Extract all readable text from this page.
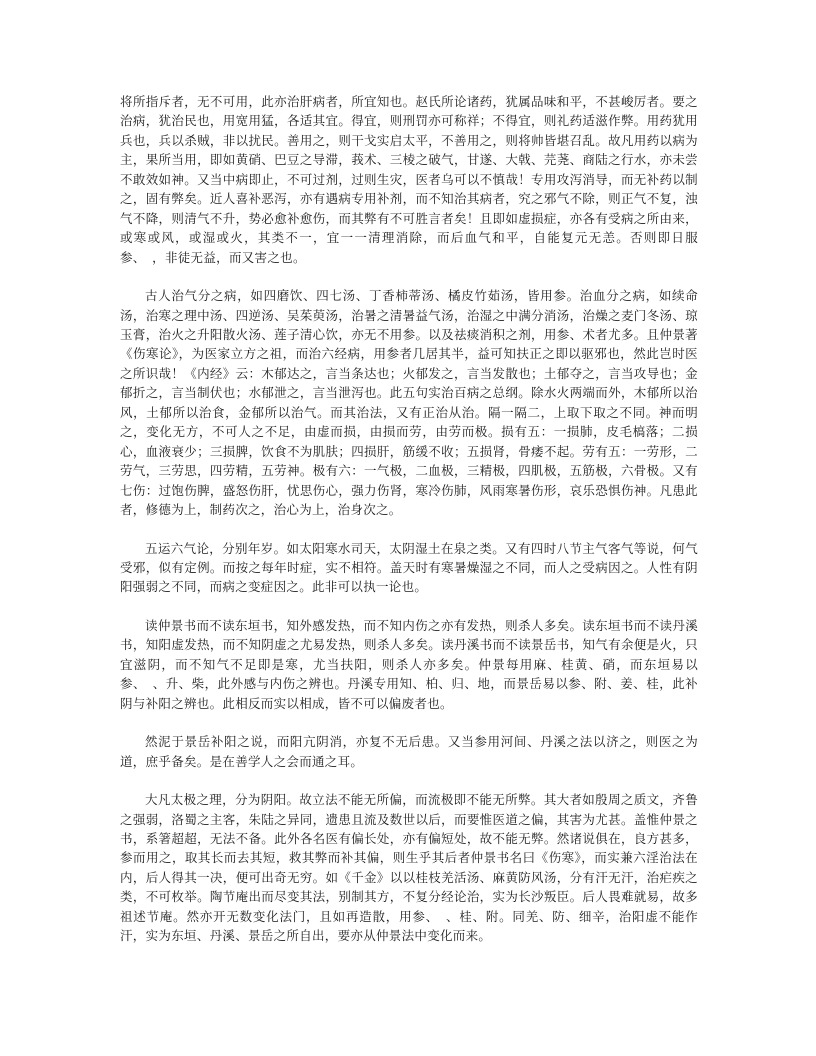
将所指斥者，无不可用，此亦治肝病者，所宜知也。赵氏所论诸药，犹属品味和平，不甚峻厉者。要之治病，犹治民也，用宽用猛，各适其宜。得宜，则刑罚亦可称祥；不得宜，则礼药适滋作弊。用药犹用兵也，兵以杀贼，非以扰民。善用之，则干戈实启太平，不善用之，则将帅皆堪召乱。故凡用药以病为主，果所当用，即如黄硝、巴豆之导滞，莪术、三棱之破气，甘遂、大戟、芫荛、商陆之行水，亦未尝不敢效如神。又当中病即止，不可过剂，过则生灾，医者乌可以不慎哉！专用攻泻消导，而无补药以制之，固有弊矣。近人喜补恶泻，亦有遇病专用补剂，而不知治其病者，究之邪气不除，则正气不复，浊气不降，则清气不升，势必愈补愈伤，而其弊有不可胜言者矣！且即如虚损症，亦各有受病之所由来，或寒或风，或湿或火，其类不一，宜一一清理消除，而后血气和平，自能复元无恙。否则即日服参、　，非徒无益，而又害之也。

古人治气分之病，如四磨饮、四七汤、丁香柿蒂汤、橘皮竹茹汤，皆用参。治血分之病，如续命汤，治寒之理中汤、四逆汤、吴茱萸汤，治暑之清暑益气汤，治湿之中满分消汤，治燥之麦门冬汤、琼玉膏，治火之升阳散火汤、莲子清心饮，亦无不用参。以及祛痰消积之剂，用参、术者尤多。且仲景著《伤寒论》，为医家立方之祖，而治六经病，用参者几居其半，益可知扶正之即以驱邪也，然此岂时医之所识哉！《内经》云：木郁达之，言当条达也；火郁发之，言当发散也；土郁夺之，言当攻导也；金郁折之，言当制伏也；水郁泄之，言当泄泻也。此五句实治百病之总纲。除水火两端而外，木郁所以治风，土郁所以治食，金郁所以治气。而其治法，又有正治从治。隔一隔二，上取下取之不同。神而明之，变化无方，不可人之不足，由虚而损，由损而劳，由劳而极。损有五：一损肺，皮毛槁落；二损心，血液衰少；三损脾，饮食不为肌肤；四损肝，筋缓不收；五损肾，骨痿不起。劳有五：一劳形，二劳气，三劳思，四劳精，五劳神。极有六：一气极，二血极，三精极，四肌极，五筋极，六骨极。又有七伤：过饱伤脾，盛怒伤肝，忧思伤心，强力伤肾，寒冷伤肺，风雨寒暑伤形，哀乐恐惧伤神。凡患此者，修德为上，制药次之，治心为上，治身次之。

五运六气论，分别年岁。如太阳寒水司天，太阴湿土在泉之类。又有四时八节主气客气等说，何气受邪，似有定例。而按之每年时症，实不相符。盖天时有寒暑燥湿之不同，而人之受病因之。人性有阴阳强弱之不同，而病之变症因之。此非可以执一论也。

读仲景书而不读东垣书，知外感发热，而不知内伤之亦有发热，则杀人多矣。读东垣书而不读丹溪书，知阳虚发热，而不知阴虚之尤易发热，则杀人多矣。读丹溪书而不读景岳书，知气有余便是火，只宜滋阴，而不知气不足即是寒，尤当扶阳，则杀人亦多矣。仲景每用麻、桂黄、硝，而东垣易以参、　、升、柴，此外感与内伤之辨也。丹溪专用知、柏、归、地，而景岳易以参、附、姜、桂，此补阴与补阳之辨也。此相反而实以相成，皆不可以偏废者也。

然泥于景岳补阳之说，而阳亢阴消，亦复不无后患。又当参用河间、丹溪之法以济之，则医之为道，庶乎备矣。是在善学人之会而通之耳。

大凡太极之理，分为阴阳。故立法不能无所偏，而流极即不能无所弊。其大者如殷周之质文，齐鲁之强弱，洛蜀之主客，朱陆之异同，遗患且流及数世以后，而要惟医道之偏，其害为尤甚。盖惟仲景之书，系箸超超，无法不备。此外各名医有偏长处，亦有偏短处，故不能无弊。然诸说俱在，良方甚多，参而用之，取其长而去其短，救其弊而补其偏，则生乎其后者仲景书名曰《伤寒》，而实兼六淫治法在内，后人得其一决，便可出奇无穷。如《千金》以以桂枝羌活汤、麻黄防风汤，分有汗无汗，治疟疾之类，不可枚举。陶节庵出而尽变其法，别制其方，不复分经论治，实为长沙叛臣。后人畏难就易，故多祖述节庵。然亦开无数变化法门，且如再造散，用参、　、桂、附。同羌、防、细辛，治阳虚不能作汗，实为东垣、丹溪、景岳之所自出，要亦从仲景法中变化而来。
